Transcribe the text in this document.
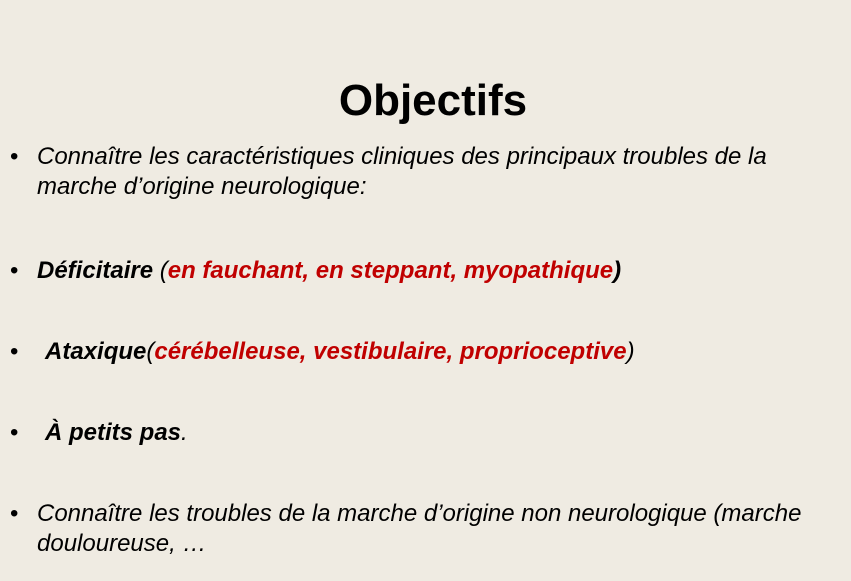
Objectifs
• Connaître les caractéristiques cliniques des principaux troubles de la marche d’origine neurologique:
• Déficitaire (en fauchant, en steppant, myopathique)
•	Ataxique(cérébelleuse, vestibulaire, proprioceptive)
•	À petits pas.
• Connaître les troubles de la marche d’origine non neurologique (marche douloureuse, …
